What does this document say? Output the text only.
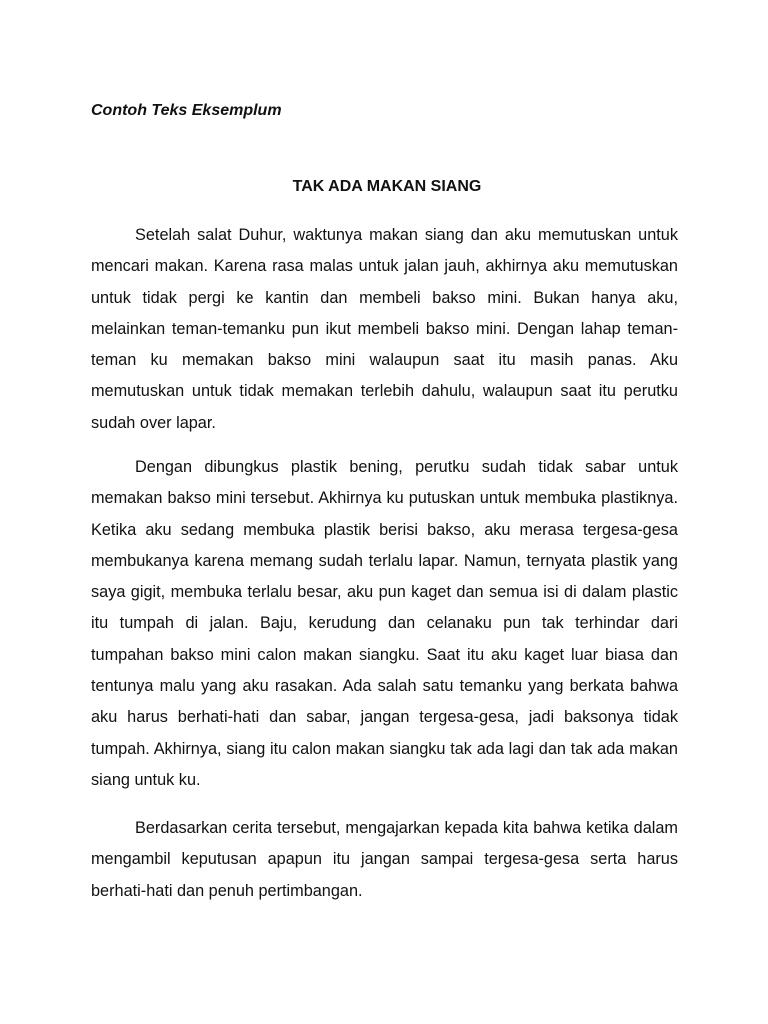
Contoh Teks Eksemplum

TAK ADA MAKAN SIANG

Setelah salat Duhur, waktunya makan siang dan aku memutuskan untuk mencari makan. Karena rasa malas untuk jalan jauh, akhirnya aku memutuskan untuk tidak pergi ke kantin dan membeli bakso mini. Bukan hanya aku, melainkan teman-temanku pun ikut membeli bakso mini. Dengan lahap teman-teman ku memakan bakso mini walaupun saat itu masih panas. Aku memutuskan untuk tidak memakan terlebih dahulu, walaupun saat itu perutku sudah over lapar.

Dengan dibungkus plastik bening, perutku sudah tidak sabar untuk memakan bakso mini tersebut. Akhirnya ku putuskan untuk membuka plastiknya. Ketika aku sedang membuka plastik berisi bakso, aku merasa tergesa-gesa membukanya karena memang sudah terlalu lapar. Namun, ternyata plastik yang saya gigit, membuka terlalu besar, aku pun kaget dan semua isi di dalam plastic itu tumpah di jalan. Baju, kerudung dan celanaku pun tak terhindar dari tumpahan bakso mini calon makan siangku. Saat itu aku kaget luar biasa dan tentunya malu yang aku rasakan. Ada salah satu temanku yang berkata bahwa aku harus berhati-hati dan sabar, jangan tergesa-gesa, jadi baksonya tidak tumpah. Akhirnya, siang itu calon makan siangku tak ada lagi dan tak ada makan siang untuk ku.

Berdasarkan cerita tersebut, mengajarkan kepada kita bahwa ketika dalam mengambil keputusan apapun itu jangan sampai tergesa-gesa serta harus berhati-hati dan penuh pertimbangan.
